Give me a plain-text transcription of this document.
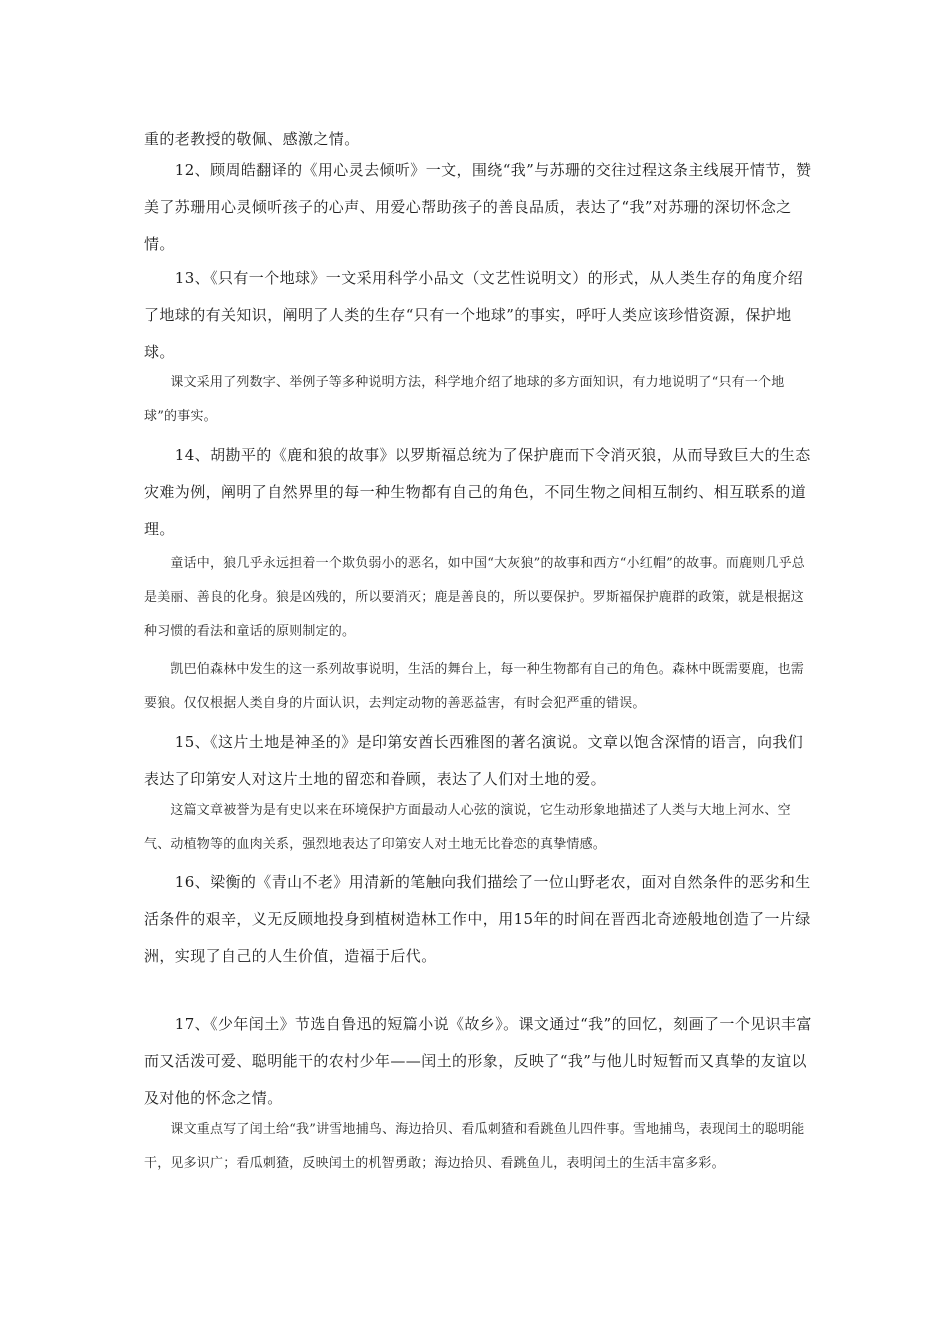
重的老教授的敬佩、感激之情。

　　12、顾周皓翻译的《用心灵去倾听》一文，围绕“我”与苏珊的交往过程这条主线展开情节，赞美了苏珊用心灵倾听孩子的心声、用爱心帮助孩子的善良品质，表达了“我”对苏珊的深切怀念之情。

　　13、《只有一个地球》一文采用科学小品文（文艺性说明文）的形式，从人类生存的角度介绍了地球的有关知识，阐明了人类的生存“只有一个地球”的事实，呼吁人类应该珍惜资源，保护地球。

　　课文采用了列数字、举例子等多种说明方法，科学地介绍了地球的多方面知识，有力地说明了“只有一个地球”的事实。

　　14、胡勘平的《鹿和狼的故事》以罗斯福总统为了保护鹿而下令消灭狼，从而导致巨大的生态灾难为例，阐明了自然界里的每一种生物都有自己的角色，不同生物之间相互制约、相互联系的道理。

　　童话中，狼几乎永远担着一个欺负弱小的恶名，如中国“大灰狼”的故事和西方“小红帽”的故事。而鹿则几乎总是美丽、善良的化身。狼是凶残的，所以要消灭；鹿是善良的，所以要保护。罗斯福保护鹿群的政策，就是根据这种习惯的看法和童话的原则制定的。

　　凯巴伯森林中发生的这一系列故事说明，生活的舞台上，每一种生物都有自己的角色。森林中既需要鹿，也需要狼。仅仅根据人类自身的片面认识，去判定动物的善恶益害，有时会犯严重的错误。

　　15、《这片土地是神圣的》是印第安酋长西雅图的著名演说。文章以饱含深情的语言，向我们表达了印第安人对这片土地的留恋和眷顾，表达了人们对土地的爱。

　　这篇文章被誉为是有史以来在环境保护方面最动人心弦的演说，它生动形象地描述了人类与大地上河水、空气、动植物等的血肉关系，强烈地表达了印第安人对土地无比眷恋的真挚情感。

　　16、梁衡的《青山不老》用清新的笔触向我们描绘了一位山野老农，面对自然条件的恶劣和生活条件的艰辛，义无反顾地投身到植树造林工作中，用15年的时间在晋西北奇迹般地创造了一片绿洲，实现了自己的人生价值，造福于后代。

　　17、《少年闰土》节选自鲁迅的短篇小说《故乡》。课文通过“我”的回忆，刻画了一个见识丰富而又活泼可爱、聪明能干的农村少年——闰土的形象，反映了“我”与他儿时短暂而又真挚的友谊以及对他的怀念之情。

　　课文重点写了闰土给“我”讲雪地捕鸟、海边拾贝、看瓜刺猹和看跳鱼儿四件事。雪地捕鸟，表现闰土的聪明能干，见多识广；看瓜刺猹，反映闰土的机智勇敢；海边拾贝、看跳鱼儿，表明闰土的生活丰富多彩。
